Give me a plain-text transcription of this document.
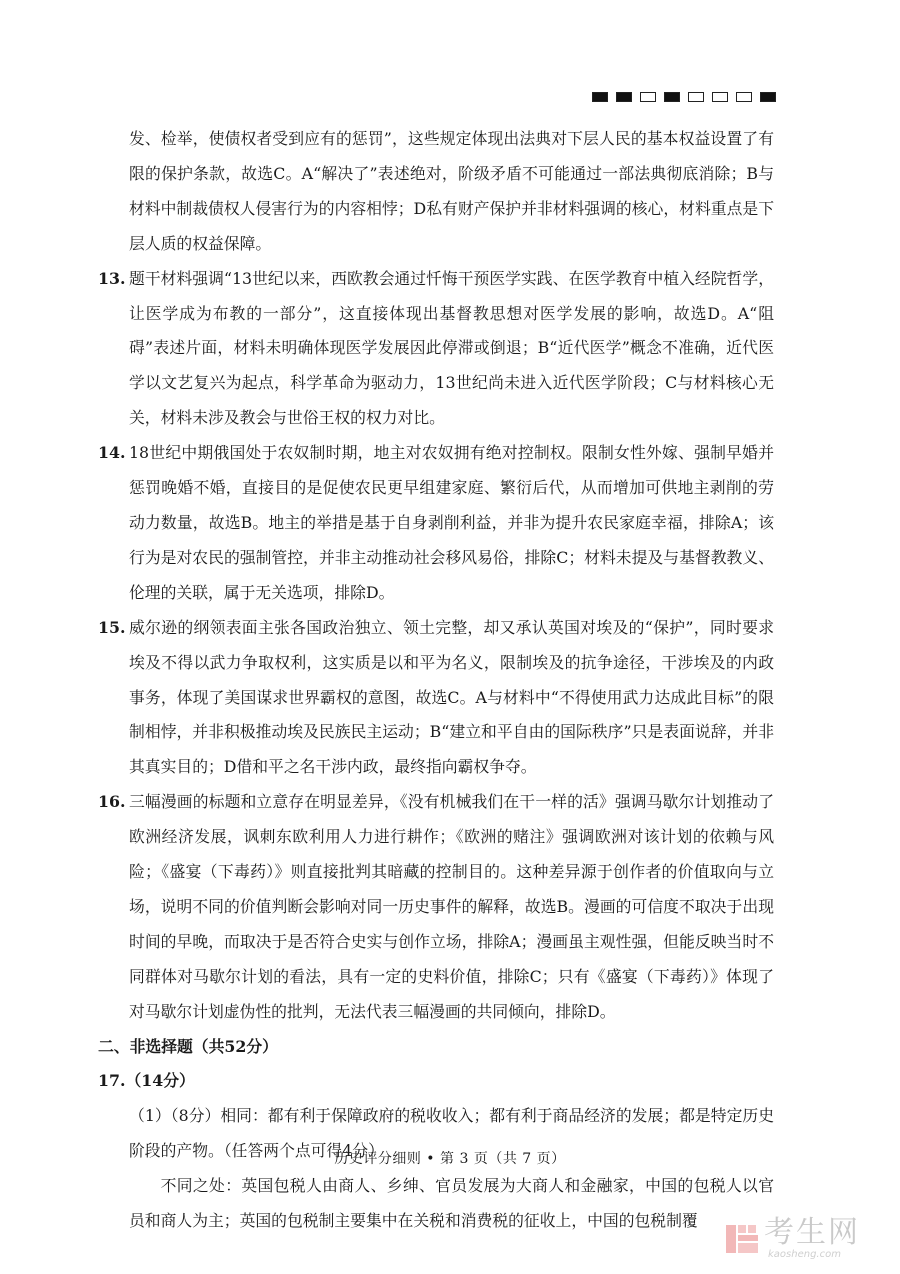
发、检举，使债权者受到应有的惩罚”，这些规定体现出法典对下层人民的基本权益设置了有限的保护条款，故选C。A“解决了”表述绝对，阶级矛盾不可能通过一部法典彻底消除；B与材料中制裁债权人侵害行为的内容相悖；D私有财产保护并非材料强调的核心，材料重点是下层人质的权益保障。

13. 题干材料强调“13世纪以来，西欧教会通过忏悔干预医学实践、在医学教育中植入经院哲学，让医学成为布教的一部分”，这直接体现出基督教思想对医学发展的影响，故选D。A“阻碍”表述片面，材料未明确体现医学发展因此停滞或倒退；B“近代医学”概念不准确，近代医学以文艺复兴为起点，科学革命为驱动力，13世纪尚未进入近代医学阶段；C与材料核心无关，材料未涉及教会与世俗王权的权力对比。

14. 18世纪中期俄国处于农奴制时期，地主对农奴拥有绝对控制权。限制女性外嫁、强制早婚并惩罚晚婚不婚，直接目的是促使农民更早组建家庭、繁衍后代，从而增加可供地主剥削的劳动力数量，故选B。地主的举措是基于自身剥削利益，并非为提升农民家庭幸福，排除A；该行为是对农民的强制管控，并非主动推动社会移风易俗，排除C；材料未提及与基督教教义、伦理的关联，属于无关选项，排除D。

15. 威尔逊的纲领表面主张各国政治独立、领土完整，却又承认英国对埃及的“保护”，同时要求埃及不得以武力争取权利，这实质是以和平为名义，限制埃及的抗争途径，干涉埃及的内政事务，体现了美国谋求世界霸权的意图，故选C。A与材料中“不得使用武力达成此目标”的限制相悖，并非积极推动埃及民族民主运动；B“建立和平自由的国际秩序”只是表面说辞，并非其真实目的；D借和平之名干涉内政，最终指向霸权争夺。

16. 三幅漫画的标题和立意存在明显差异，《没有机械我们在干一样的活》强调马歇尔计划推动了欧洲经济发展，讽刺东欧利用人力进行耕作；《欧洲的赌注》强调欧洲对该计划的依赖与风险；《盛宴（下毒药）》则直接批判其暗藏的控制目的。这种差异源于创作者的价值取向与立场，说明不同的价值判断会影响对同一历史事件的解释，故选B。漫画的可信度不取决于出现时间的早晚，而取决于是否符合史实与创作立场，排除A；漫画虽主观性强，但能反映当时不同群体对马歇尔计划的看法，具有一定的史料价值，排除C；只有《盛宴（下毒药）》体现了对马歇尔计划虚伪性的批判，无法代表三幅漫画的共同倾向，排除D。

二、非选择题（共52分）

17.（14分）

（1）（8分）相同：都有利于保障政府的税收收入；都有利于商品经济的发展；都是特定历史阶段的产物。（任答两个点可得4分）

不同之处：英国包税人由商人、乡绅、官员发展为大商人和金融家，中国的包税人以官员和商人为主；英国的包税制主要集中在关税和消费税的征收上，中国的包税制覆

历史评分细则 • 第 3 页（共 7 页）
考生网
kaosheng.com
